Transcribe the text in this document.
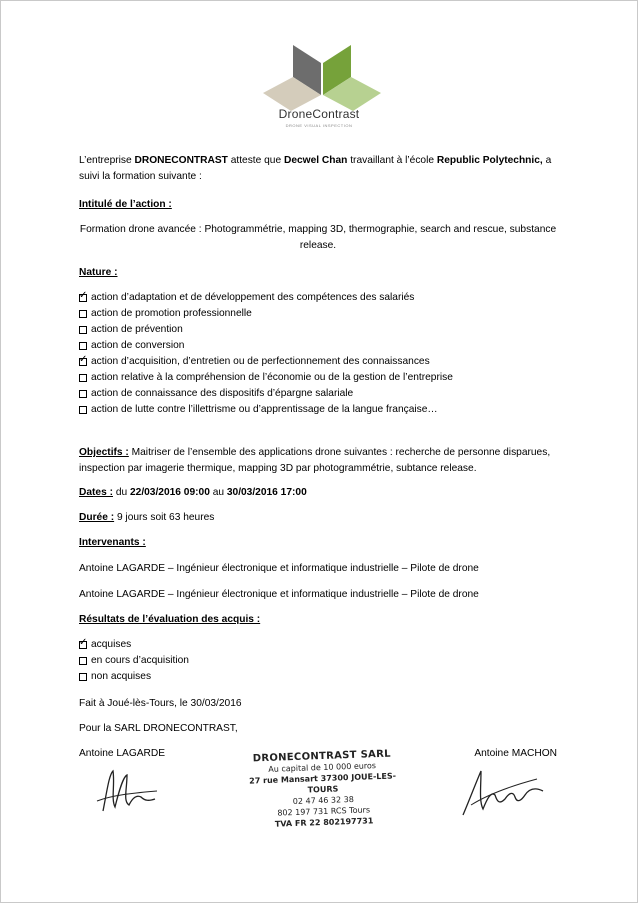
DroneContrast
DRONE VISUAL INSPECTION

L’entreprise DRONECONTRAST atteste que Decwel Chan travaillant à l’école Republic Polytechnic, a suivi la formation suivante :

Intitulé de l’action :

Formation drone avancée : Photogrammétrie, mapping 3D, thermographie, search and rescue, substance release.

Nature :

✓
action d’adaptation et de développement des compétences des salariés
action de promotion professionnelle
action de prévention
action de conversion
✓
action d’acquisition, d’entretien ou de perfectionnement des connaissances
action relative à la compréhension de l’économie ou de la gestion de l’entreprise
action de connaissance des dispositifs d’épargne salariale
action de lutte contre l’illettrisme ou d’apprentissage de la langue française…

Objectifs : Maitriser de l’ensemble des applications drone suivantes : recherche de personne disparues, inspection par imagerie thermique, mapping 3D par photogrammétrie, subtance release.

Dates : du 22/03/2016 09:00 au 30/03/2016 17:00

Durée : 9 jours soit 63 heures

Intervenants :

Antoine LAGARDE – Ingénieur électronique et informatique industrielle – Pilote de drone

Antoine LAGARDE – Ingénieur électronique et informatique industrielle – Pilote de drone

Résultats de l’évaluation des acquis :

✓
acquises
en cours d’acquisition
non acquises

Fait à Joué-lès-Tours, le 30/03/2016

Pour la SARL DRONECONTRAST,

Antoine LAGARDE	Antoine MACHON
DRONECONTRAST SARL
Au capital de 10 000 euros
27 rue Mansart 37300 JOUE-LES-TOURS
02 47 46 32 38
802 197 731 RCS Tours
TVA FR 22 802197731
